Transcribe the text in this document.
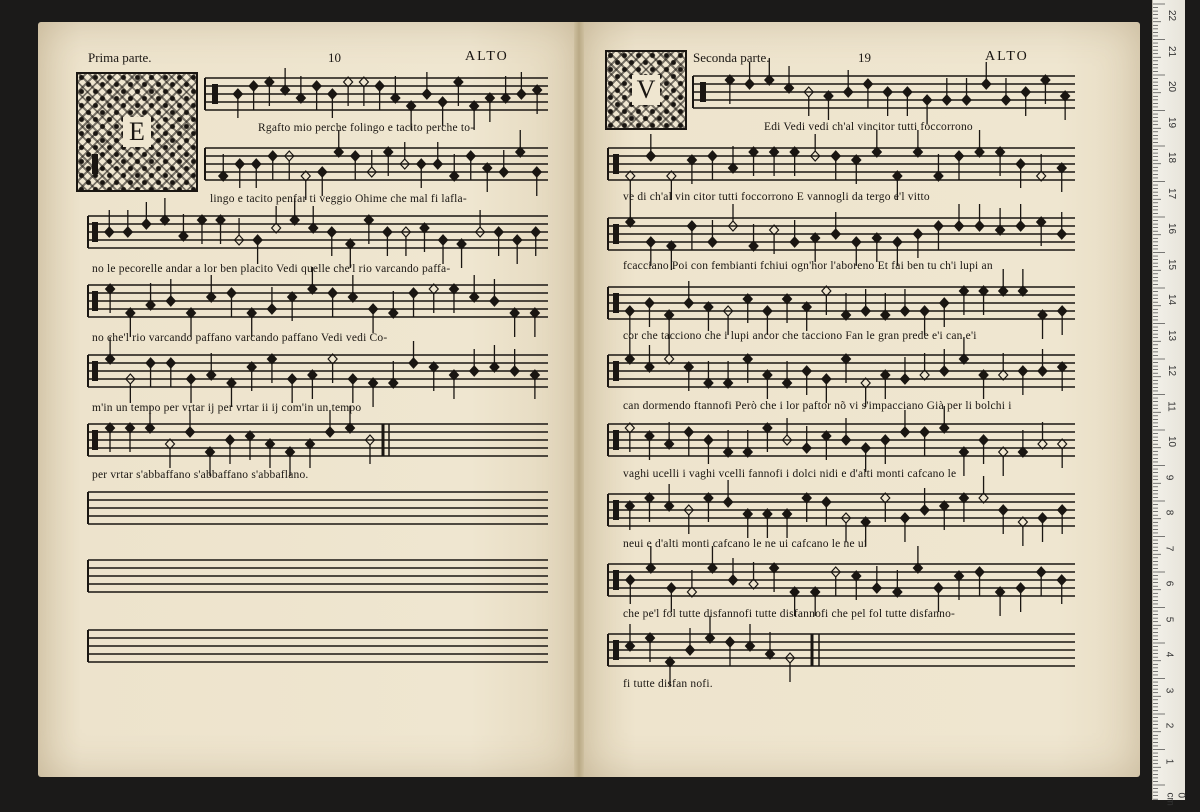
Prima parte.	10	ALTO	Seconda parte.	19	ALTO
E
V
Rgafto mio perche folingo e tacito perche to-
lingo e tacito penfar ti veggio Ohime che mal fi lafla-
no le pecorelle andar a lor ben placito Vedi quelle che'l rio varcando paffa-
no che'l rio varcando paffano varcando paffano Vedi vedi Co-
m'in un tempo per vrtar ij per vrtar ii ij com'in un tempo
per vrtar s'abbaffano s'abbaffano s'abbaflano.
Edi Vedi vedi ch'al vincitor tutti foccorrono
ve di ch'al vin citor tutti foccorrono E vannogli da tergo e'l vitto
fcacciano Poi con fembianti fchiui ogn'hor l'aboreno Et fai ben tu ch'i lupi an
cor che tacciono che i lupi ancor che tacciono Fan le gran prede e'i can e'i
can dormendo ftannofi Però che i lor paftor nõ vi s'impacciano Già per li bolchi i
vaghi ucelli i vaghi vcelli fannofi i dolci nidi e d'alti monti cafcano le
neui e d'alti monti cafcano le ne ui cafcano le ne ui
che pe'l fol tutte disfannofi tutte disfannofi che pel fol tutte disfanno-
fi tutte disfan nofi.
22
21
20
19
18
17
16
15
14
13
12
11
10
9
8
7
6
5
4
3
2
1
0 cm
